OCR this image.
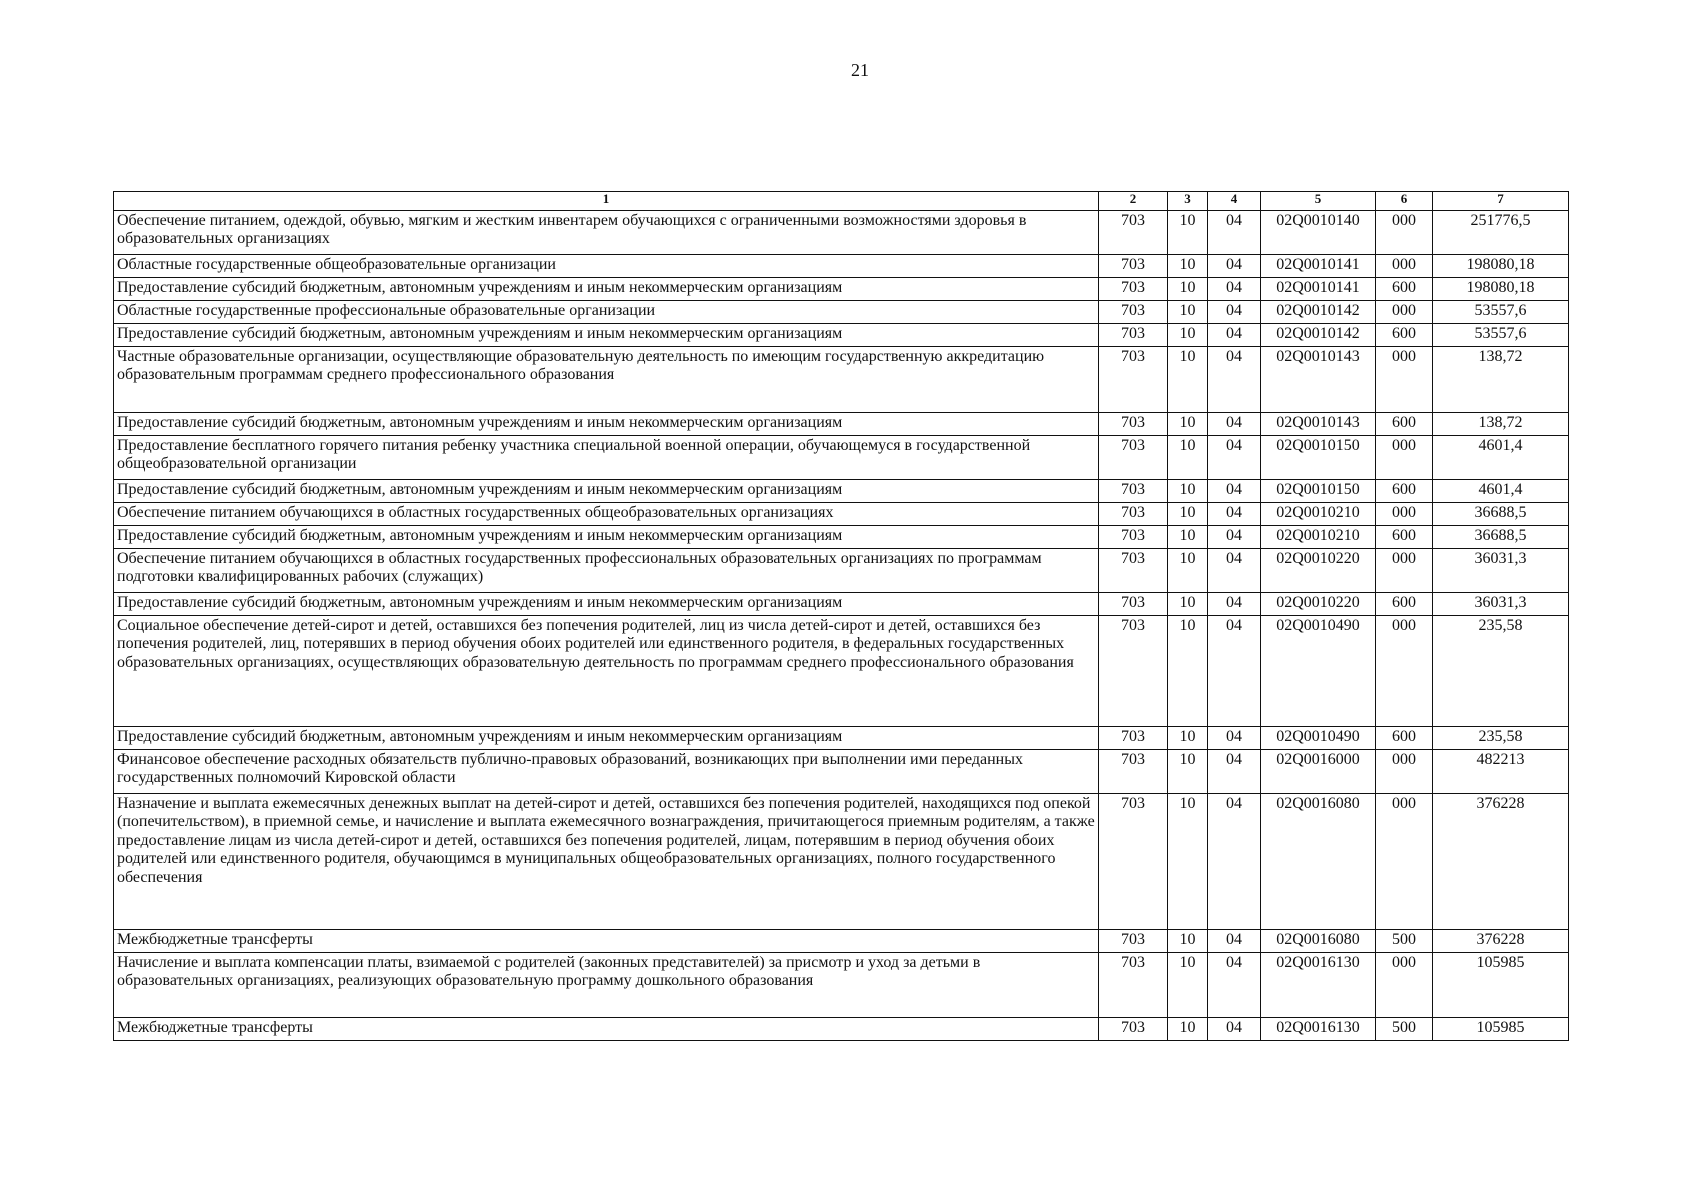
21
1	2	3	4	5	6	7
Обеспечение питанием, одеждой, обувью, мягким и жестким инвентарем обучающихся с ограниченными возможностями здоровья в образовательных организациях	703	10	04	02Q0010140	000	251776,5
Областные государственные общеобразовательные организации	703	10	04	02Q0010141	000	198080,18
Предоставление субсидий бюджетным, автономным учреждениям и иным некоммерческим организациям	703	10	04	02Q0010141	600	198080,18
Областные государственные профессиональные образовательные организации	703	10	04	02Q0010142	000	53557,6
Предоставление субсидий бюджетным, автономным учреждениям и иным некоммерческим организациям	703	10	04	02Q0010142	600	53557,6
Частные образовательные организации, осуществляющие образовательную деятельность по имеющим государственную аккредитацию образовательным программам среднего профессионального образования	703	10	04	02Q0010143	000	138,72
Предоставление субсидий бюджетным, автономным учреждениям и иным некоммерческим организациям	703	10	04	02Q0010143	600	138,72
Предоставление бесплатного горячего питания ребенку участника специальной военной операции, обучающемуся в государственной общеобразовательной организации	703	10	04	02Q0010150	000	4601,4
Предоставление субсидий бюджетным, автономным учреждениям и иным некоммерческим организациям	703	10	04	02Q0010150	600	4601,4
Обеспечение питанием обучающихся в областных государственных общеобразовательных организациях	703	10	04	02Q0010210	000	36688,5
Предоставление субсидий бюджетным, автономным учреждениям и иным некоммерческим организациям	703	10	04	02Q0010210	600	36688,5
Обеспечение питанием обучающихся в областных государственных профессиональных образовательных организациях по программам подготовки квалифицированных рабочих (служащих)	703	10	04	02Q0010220	000	36031,3
Предоставление субсидий бюджетным, автономным учреждениям и иным некоммерческим организациям	703	10	04	02Q0010220	600	36031,3
Социальное обеспечение детей-сирот и детей, оставшихся без попечения родителей, лиц из числа детей-сирот и детей, оставшихся без попечения родителей, лиц, потерявших в период обучения обоих родителей или единственного родителя, в федеральных государственных образовательных организациях, осуществляющих образовательную деятельность по программам среднего профессионального образования	703	10	04	02Q0010490	000	235,58
Предоставление субсидий бюджетным, автономным учреждениям и иным некоммерческим организациям	703	10	04	02Q0010490	600	235,58
Финансовое обеспечение расходных обязательств публично-правовых образований, возникающих при выполнении ими переданных государственных полномочий Кировской области	703	10	04	02Q0016000	000	482213
Назначение и выплата ежемесячных денежных выплат на детей-сирот и детей, оставшихся без попечения родителей, находящихся под опекой (попечительством), в приемной семье, и начисление и выплата ежемесячного вознаграждения, причитающегося приемным родителям, а также предоставление лицам из числа детей-сирот и детей, оставшихся без попечения родителей, лицам, потерявшим в период обучения обоих родителей или единственного родителя, обучающимся в муниципальных общеобразовательных организациях, полного государственного обеспечения	703	10	04	02Q0016080	000	376228
Межбюджетные трансферты	703	10	04	02Q0016080	500	376228
Начисление и выплата компенсации платы, взимаемой с родителей (законных представителей) за присмотр и уход за детьми в образовательных организациях, реализующих образовательную программу дошкольного образования	703	10	04	02Q0016130	000	105985
Межбюджетные трансферты	703	10	04	02Q0016130	500	105985
